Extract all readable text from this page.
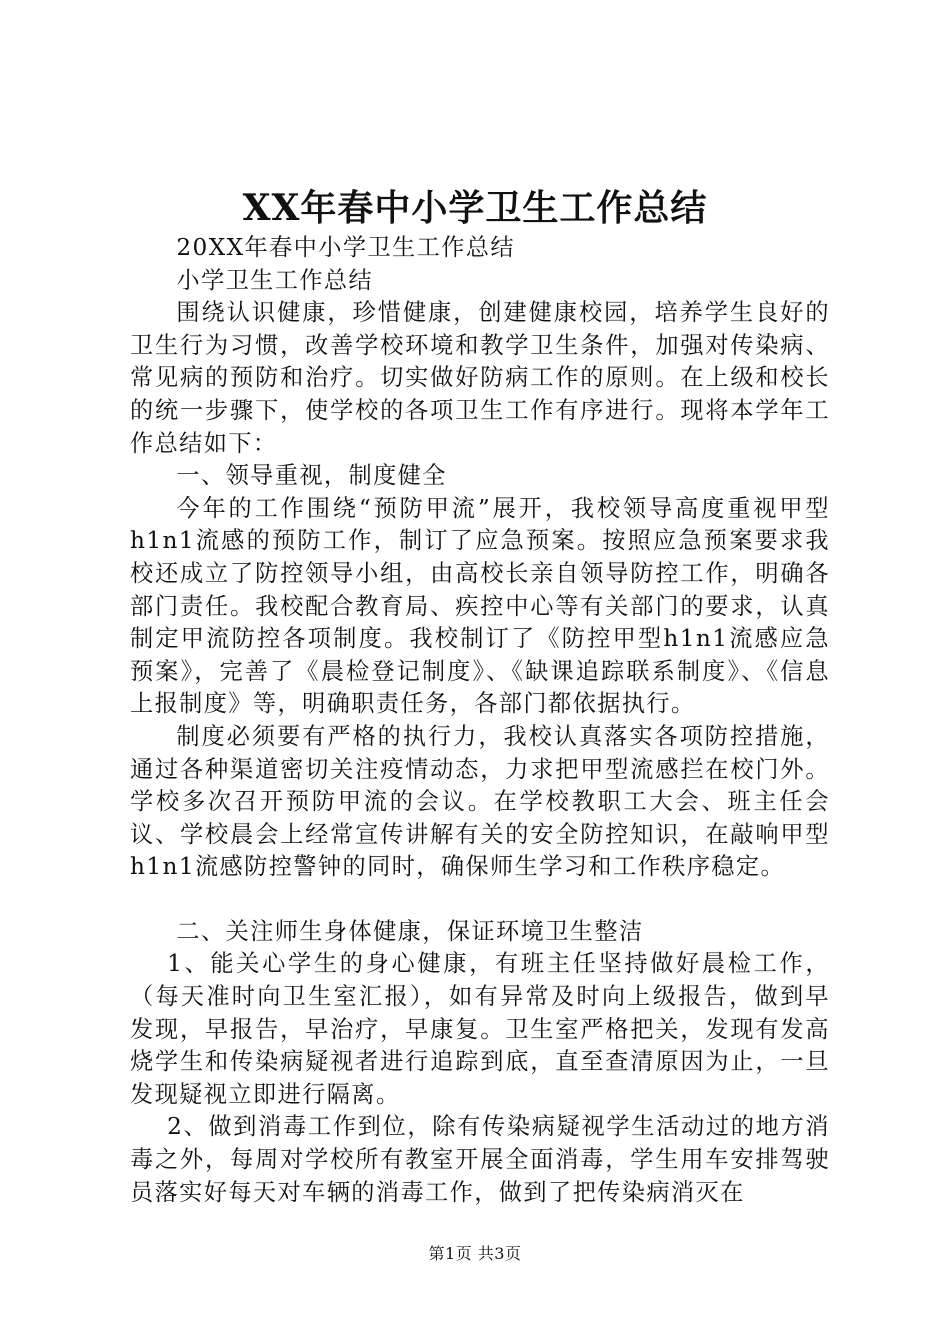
XX年春中小学卫生工作总结

20XX年春中小学卫生工作总结

小学卫生工作总结

围绕认识健康，珍惜健康，创建健康校园，培养学生良好的卫生行为习惯，改善学校环境和教学卫生条件，加强对传染病、常见病的预防和治疗。切实做好防病工作的原则。在上级和校长的统一步骤下，使学校的各项卫生工作有序进行。现将本学年工作总结如下：

一、领导重视，制度健全

今年的工作围绕“预防甲流”展开，我校领导高度重视甲型h1n1流感的预防工作，制订了应急预案。按照应急预案要求我校还成立了防控领导小组，由高校长亲自领导防控工作，明确各部门责任。我校配合教育局、疾控中心等有关部门的要求，认真制定甲流防控各项制度。我校制订了《防控甲型h1n1流感应急预案》，完善了《晨检登记制度》、《缺课追踪联系制度》、《信息上报制度》等，明确职责任务，各部门都依据执行。

制度必须要有严格的执行力，我校认真落实各项防控措施，通过各种渠道密切关注疫情动态，力求把甲型流感拦在校门外。学校多次召开预防甲流的会议。在学校教职工大会、班主任会议、学校晨会上经常宣传讲解有关的安全防控知识，在敲响甲型h1n1流感防控警钟的同时，确保师生学习和工作秩序稳定。

二、关注师生身体健康，保证环境卫生整洁

1、能关心学生的身心健康，有班主任坚持做好晨检工作，（每天准时向卫生室汇报），如有异常及时向上级报告，做到早发现，早报告，早治疗，早康复。卫生室严格把关，发现有发高烧学生和传染病疑视者进行追踪到底，直至查清原因为止，一旦发现疑视立即进行隔离。

2、做到消毒工作到位，除有传染病疑视学生活动过的地方消毒之外，每周对学校所有教室开展全面消毒，学生用车安排驾驶员落实好每天对车辆的消毒工作，做到了把传染病消灭在

第1页 共3页
